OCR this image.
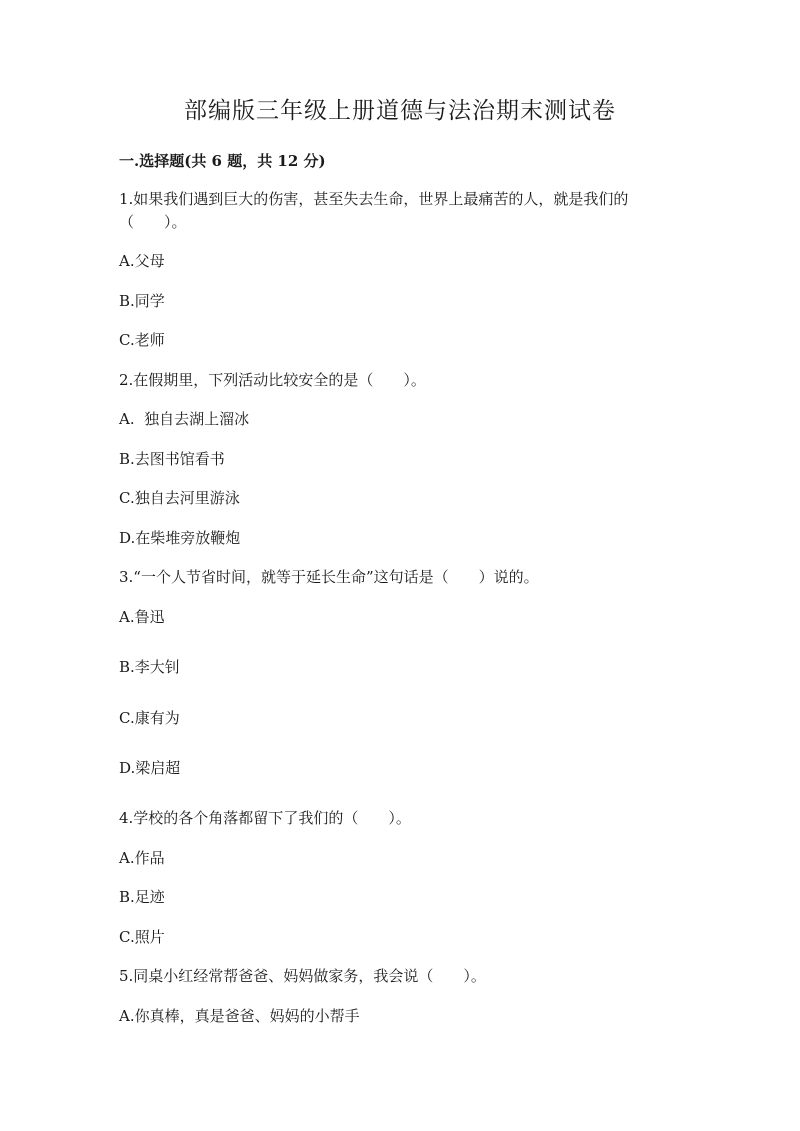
部编版三年级上册道德与法治期末测试卷
一.选择题(共 6 题，共 12 分)
1.如果我们遇到巨大的伤害，甚至失去生命，世界上最痛苦的人，就是我们的
（　　）。
A.父母
B.同学
C.老师
2.在假期里，下列活动比较安全的是（　　）。
A.  独自去湖上溜冰
B.去图书馆看书
C.独自去河里游泳
D.在柴堆旁放鞭炮
3.“一个人节省时间，就等于延长生命”这句话是（　　）说的。
A.鲁迅
B.李大钊
C.康有为
D.梁启超
4.学校的各个角落都留下了我们的（　　）。
A.作品
B.足迹
C.照片
5.同桌小红经常帮爸爸、妈妈做家务，我会说（　　）。
A.你真棒，真是爸爸、妈妈的小帮手
